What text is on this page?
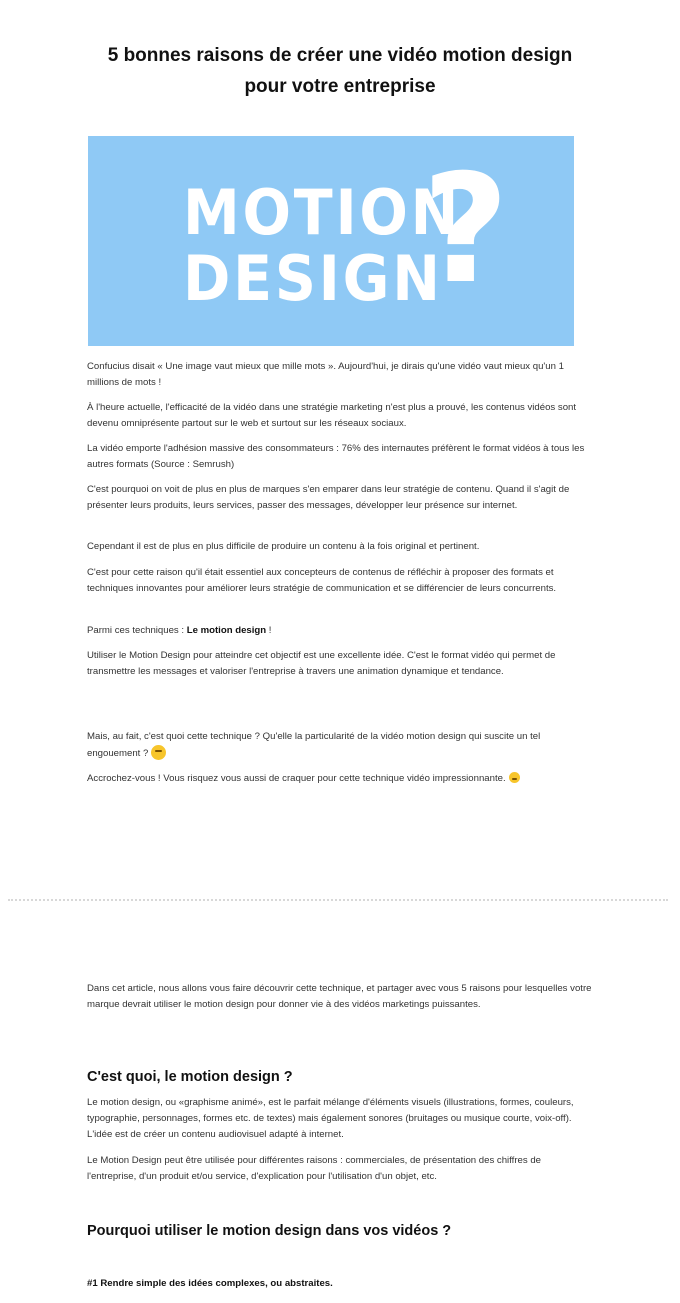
5 bonnes raisons de créer une vidéo motion design
pour votre entreprise
MOTION
DESIGN
?

Confucius disait « Une image vaut mieux que mille mots ». Aujourd'hui, je dirais qu'une vidéo vaut mieux qu'un 1 millions de mots !

À l'heure actuelle, l'efficacité de la vidéo dans une stratégie marketing n'est plus a prouvé, les contenus vidéos sont devenu omniprésente partout sur le web et surtout sur les réseaux sociaux.

La vidéo emporte l'adhésion massive des consommateurs : 76% des internautes préfèrent le format vidéos à tous les autres formats (Source : Semrush)

C'est pourquoi on voit de plus en plus de marques s'en emparer dans leur stratégie de contenu. Quand il s'agit de présenter leurs produits, leurs services, passer des messages, développer leur présence sur internet.

Cependant il est de plus en plus difficile de produire un contenu à la fois original et pertinent.

C'est pour cette raison qu'il était essentiel aux concepteurs de contenus de réfléchir à proposer des formats et techniques innovantes pour améliorer leurs stratégie de communication et se différencier de leurs concurrents.

Parmi ces techniques : Le motion design !

Utiliser le Motion Design pour atteindre cet objectif est une excellente idée. C'est le format vidéo qui permet de transmettre les messages et valoriser l'entreprise à travers une animation dynamique et tendance.

Mais, au fait, c'est quoi cette technique ? Qu'elle la particularité de la vidéo motion design qui suscite un tel engouement ?

Accrochez-vous ! Vous risquez vous aussi de craquer pour cette technique vidéo impressionnante.

Dans cet article, nous allons vous faire découvrir cette technique, et partager avec vous 5 raisons pour lesquelles votre marque devrait utiliser le motion design pour donner vie à des vidéos marketings puissantes.

C'est quoi, le motion design ?

Le motion design, ou «graphisme animé», est le parfait mélange d'éléments visuels (illustrations, formes, couleurs, typographie, personnages, formes etc. de textes) mais également sonores (bruitages ou musique courte, voix-off). L'idée est de créer un contenu audiovisuel adapté à internet.

Le Motion Design peut être utilisée pour différentes raisons : commerciales, de présentation des chiffres de l'entreprise, d'un produit et/ou service, d'explication pour l'utilisation d'un objet, etc.

Pourquoi utiliser le motion design dans vos vidéos ?
#1 Rendre simple des idées complexes, ou abstraites.
